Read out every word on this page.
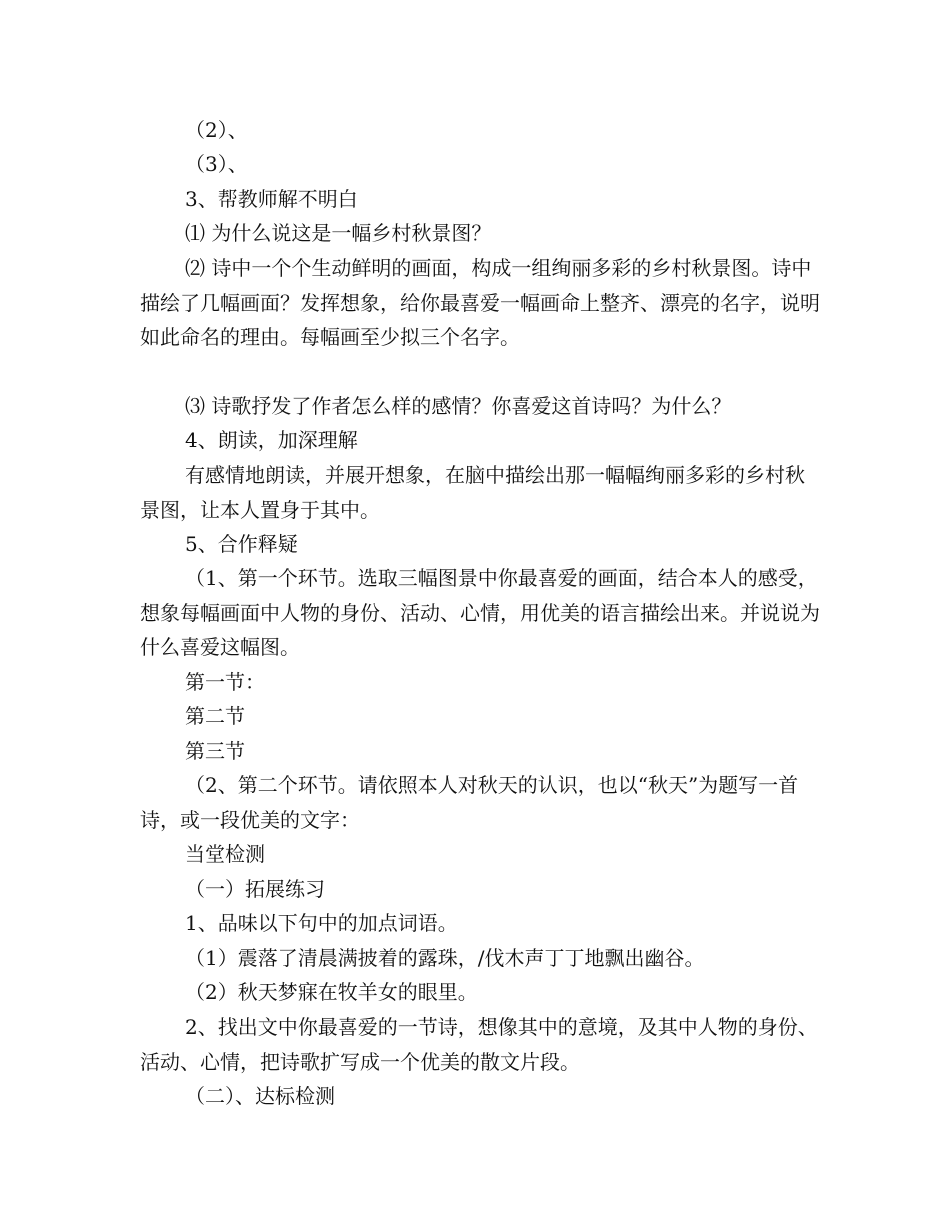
（2）、

（3）、

3、帮教师解不明白

⑴ 为什么说这是一幅乡村秋景图？

⑵ 诗中一个个生动鲜明的画面，构成一组绚丽多彩的乡村秋景图。诗中描绘了几幅画面？发挥想象，给你最喜爱一幅画命上整齐、漂亮的名字，说明如此命名的理由。每幅画至少拟三个名字。

⑶ 诗歌抒发了作者怎么样的感情？你喜爱这首诗吗？为什么？

4、朗读，加深理解

有感情地朗读，并展开想象，在脑中描绘出那一幅幅绚丽多彩的乡村秋景图，让本人置身于其中。

5、合作释疑

（1、第一个环节。选取三幅图景中你最喜爱的画面，结合本人的感受，想象每幅画面中人物的身份、活动、心情，用优美的语言描绘出来。并说说为什么喜爱这幅图。

第一节：

第二节

第三节

（2、第二个环节。请依照本人对秋天的认识，也以“秋天”为题写一首诗，或一段优美的文字：

当堂检测

（一）拓展练习

1、品味以下句中的加点词语。

（1）震落了清晨满披着的露珠，/伐木声丁丁地飘出幽谷。

（2）秋天梦寐在牧羊女的眼里。

2、找出文中你最喜爱的一节诗，想像其中的意境，及其中人物的身份、活动、心情，把诗歌扩写成一个优美的散文片段。

（二）、达标检测
